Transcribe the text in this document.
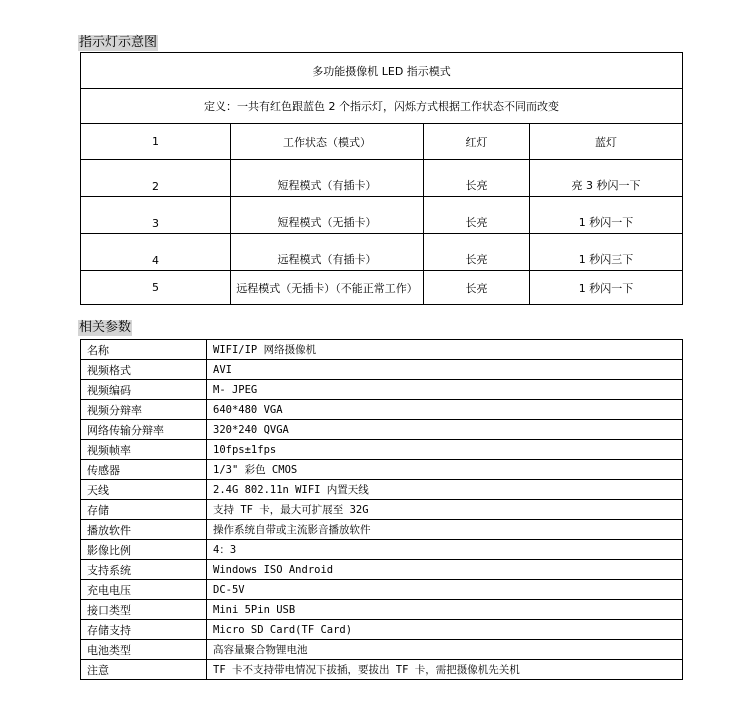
指示灯示意图
多功能摄像机 LED 指示模式			
定义：一共有红色跟蓝色 2 个指示灯，闪烁方式根据工作状态不同而改变			
1	工作状态（模式）	红灯	蓝灯
2	短程模式（有插卡）	长亮	亮 3 秒闪一下
3	短程模式（无插卡）	长亮	1 秒闪一下
4	远程模式（有插卡）	长亮	1 秒闪三下
5	远程模式（无插卡）（不能正常工作）	长亮	1 秒闪一下
相关参数
名称	WIFI/IP 网络摄像机
视频格式	AVI
视频编码	M- JPEG
视频分辩率	640*480 VGA
网络传输分辩率	320*240 QVGA
视频帧率	10fps±1fps
传感器	1/3" 彩色 CMOS
天线	2.4G 802.11n WIFI 内置天线
存储	支持 TF 卡，最大可扩展至 32G
播放软件	操作系统自带或主流影音播放软件
影像比例	4：3
支持系统	Windows ISO Android
充电电压	DC-5V
接口类型	Mini 5Pin USB
存储支持	Micro SD Card(TF Card)
电池类型	高容量聚合物锂电池
注意	TF 卡不支持带电情况下拔插，要拔出 TF 卡，需把摄像机先关机
